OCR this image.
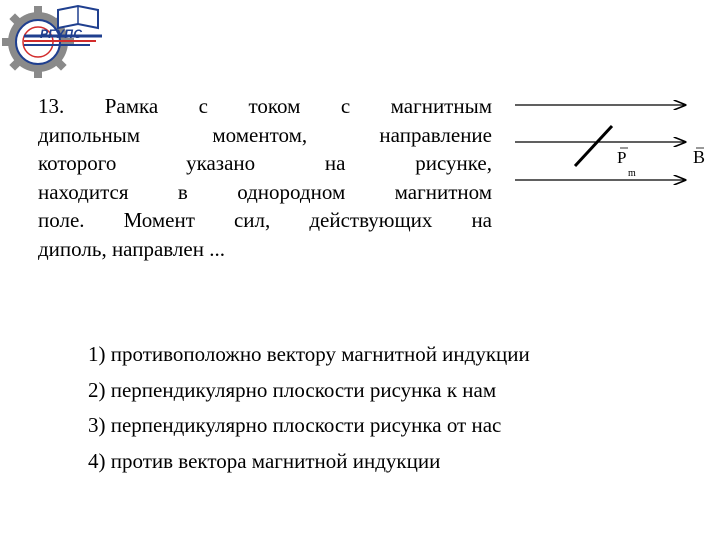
РГУПС
13. Рамка с током с магнитным
дипольным моментом, направление
которого указано на рисунке,
находится в однородном магнитном
поле. Момент сил, действующих на
диполь, направлен ...
P
m
B
1) противоположно вектору магнитной индукции
2) перпендикулярно плоскости рисунка к нам
3) перпендикулярно плоскости рисунка от нас
4) против вектора магнитной индукции
